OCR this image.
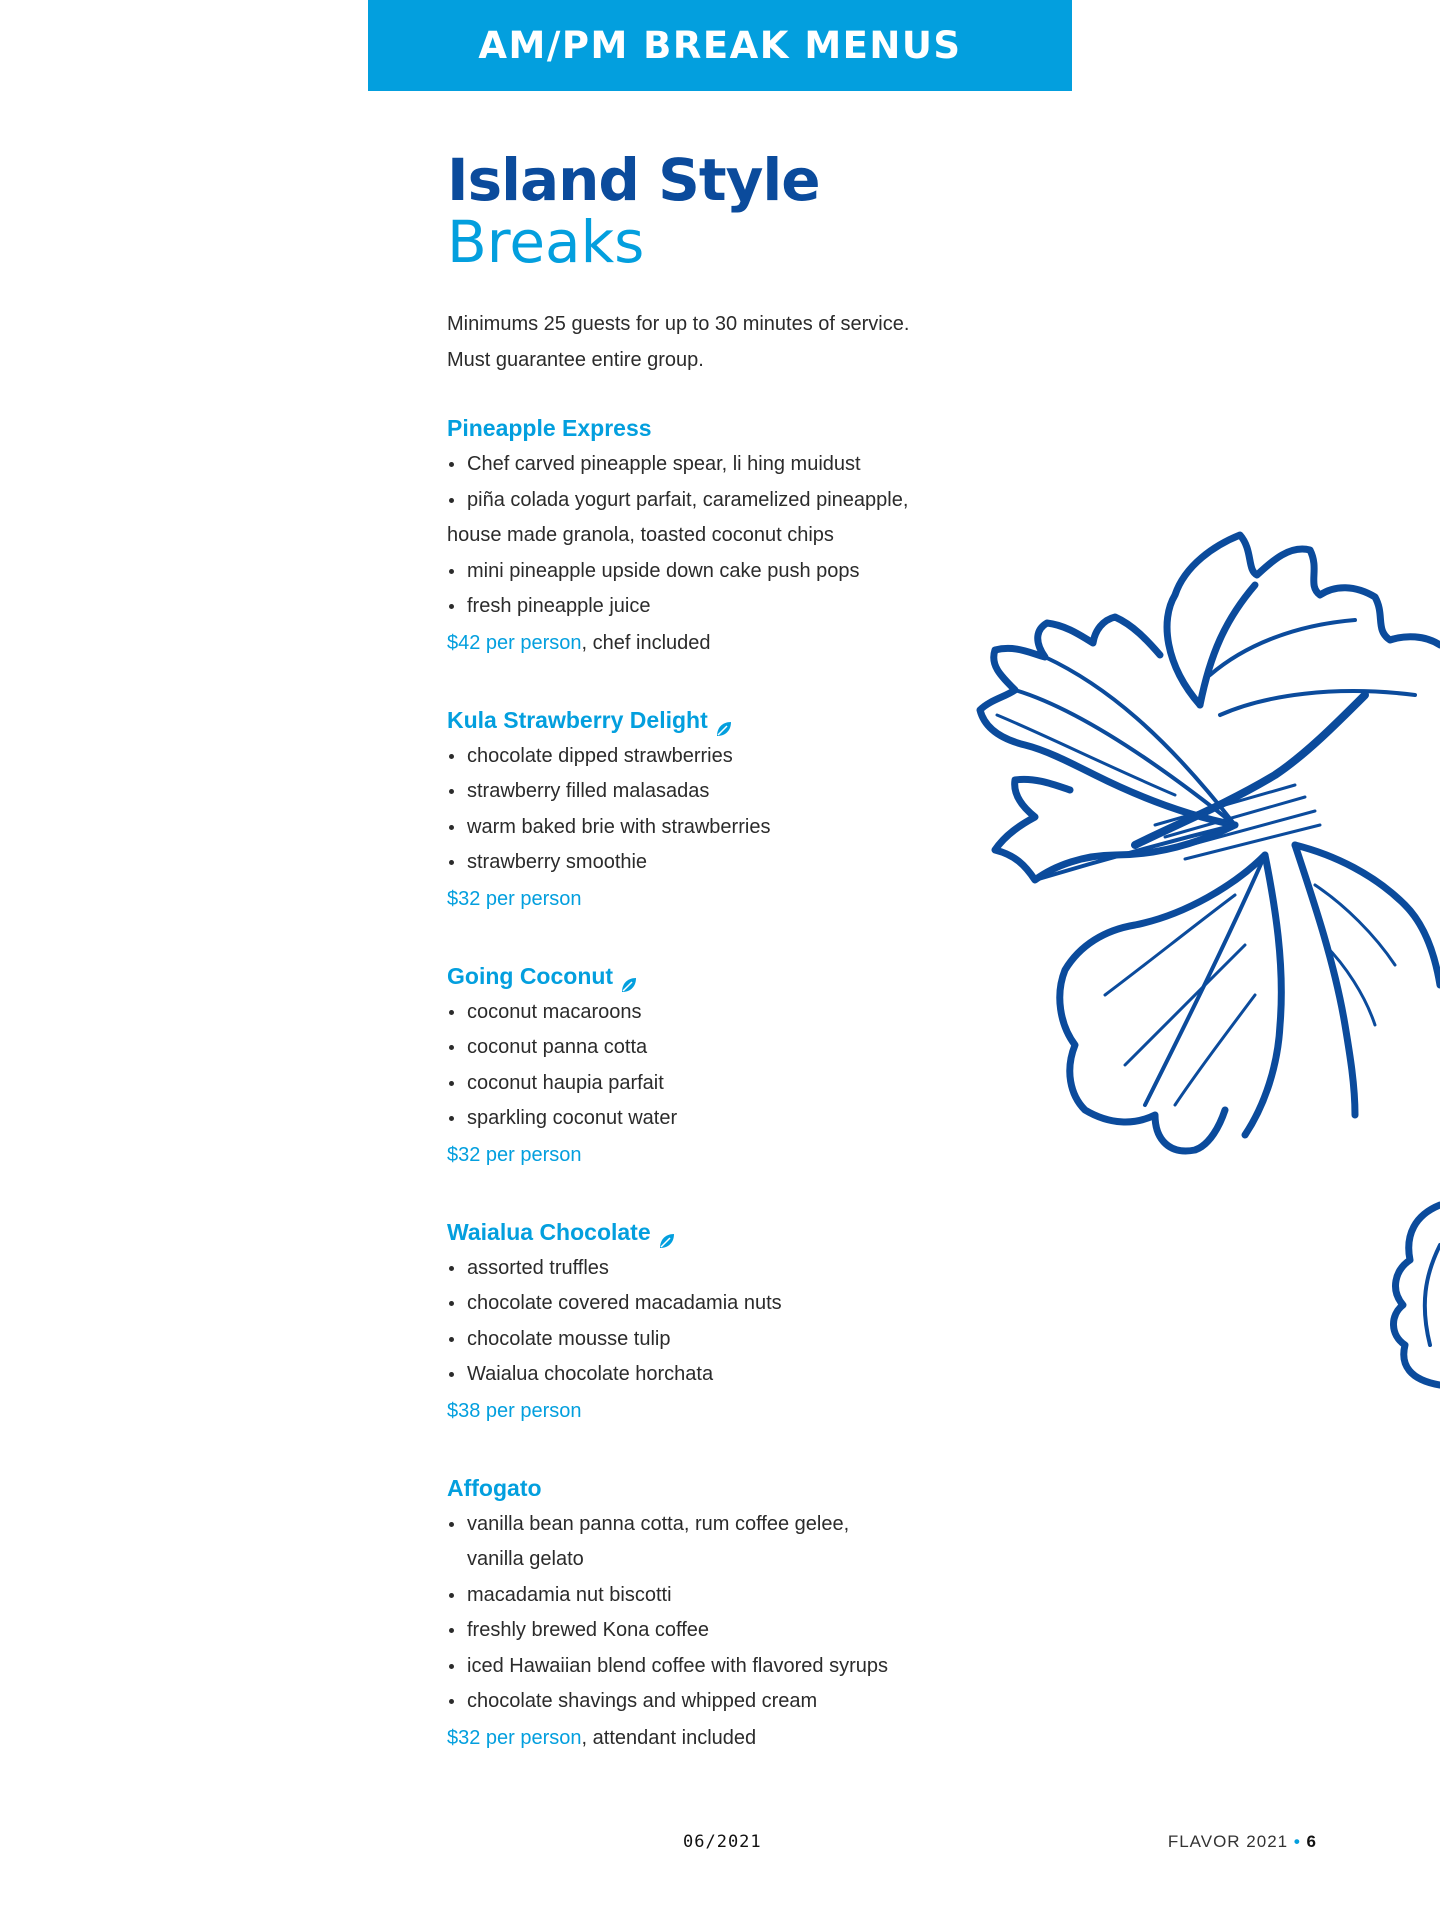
AM/PM BREAK MENUS
Island Style
Breaks

Minimums 25 guests for up to 30 minutes of service.

Must guarantee entire group.

Pineapple Express
Chef carved pineapple spear, li hing muidust
piña colada yogurt parfait, caramelized pineapple,
house made granola, toasted coconut chips
mini pineapple upside down cake push pops
fresh pineapple juice
$42 per person, chef included
Kula Strawberry Delight
chocolate dipped strawberries
strawberry filled malasadas
warm baked brie with strawberries
strawberry smoothie
$32 per person
Going Coconut
coconut macaroons
coconut panna cotta
coconut haupia parfait
sparkling coconut water
$32 per person
Waialua Chocolate
assorted truffles
chocolate covered macadamia nuts
chocolate mousse tulip
Waialua chocolate horchata
$38 per person
Affogato
vanilla bean panna cotta, rum coffee gelee,
vanilla gelato
macadamia nut biscotti
freshly brewed Kona coffee
iced Hawaiian blend coffee with flavored syrups
chocolate shavings and whipped cream
$32 per person, attendant included
06/2021	FLAVOR 2021 • 6
